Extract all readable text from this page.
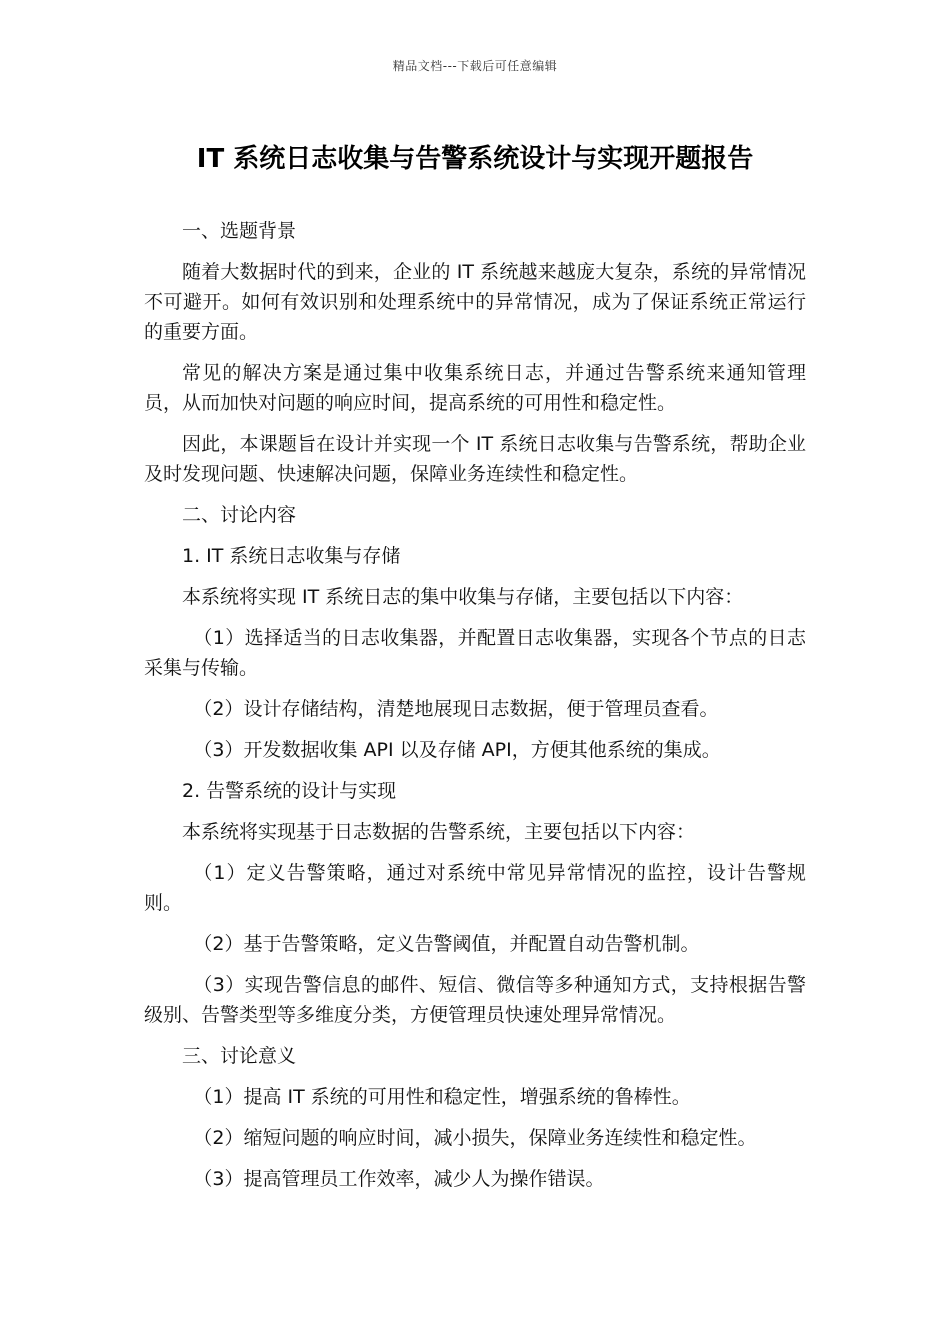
精品文档---下载后可任意编辑
IT 系统日志收集与告警系统设计与实现开题报告

一、选题背景

随着大数据时代的到来，企业的 IT 系统越来越庞大复杂，系统的异常情况不可避开。如何有效识别和处理系统中的异常情况，成为了保证系统正常运行的重要方面。

常见的解决方案是通过集中收集系统日志，并通过告警系统来通知管理员，从而加快对问题的响应时间，提高系统的可用性和稳定性。

因此，本课题旨在设计并实现一个 IT 系统日志收集与告警系统，帮助企业及时发现问题、快速解决问题，保障业务连续性和稳定性。

二、讨论内容

1. IT 系统日志收集与存储

本系统将实现 IT 系统日志的集中收集与存储，主要包括以下内容：

（1）选择适当的日志收集器，并配置日志收集器，实现各个节点的日志采集与传输。

（2）设计存储结构，清楚地展现日志数据，便于管理员查看。

（3）开发数据收集 API 以及存储 API，方便其他系统的集成。

2. 告警系统的设计与实现

本系统将实现基于日志数据的告警系统，主要包括以下内容：

（1）定义告警策略，通过对系统中常见异常情况的监控，设计告警规则。

（2）基于告警策略，定义告警阈值，并配置自动告警机制。

（3）实现告警信息的邮件、短信、微信等多种通知方式，支持根据告警级别、告警类型等多维度分类，方便管理员快速处理异常情况。

三、讨论意义

（1）提高 IT 系统的可用性和稳定性，增强系统的鲁棒性。

（2）缩短问题的响应时间，减小损失，保障业务连续性和稳定性。

（3）提高管理员工作效率，减少人为操作错误。
